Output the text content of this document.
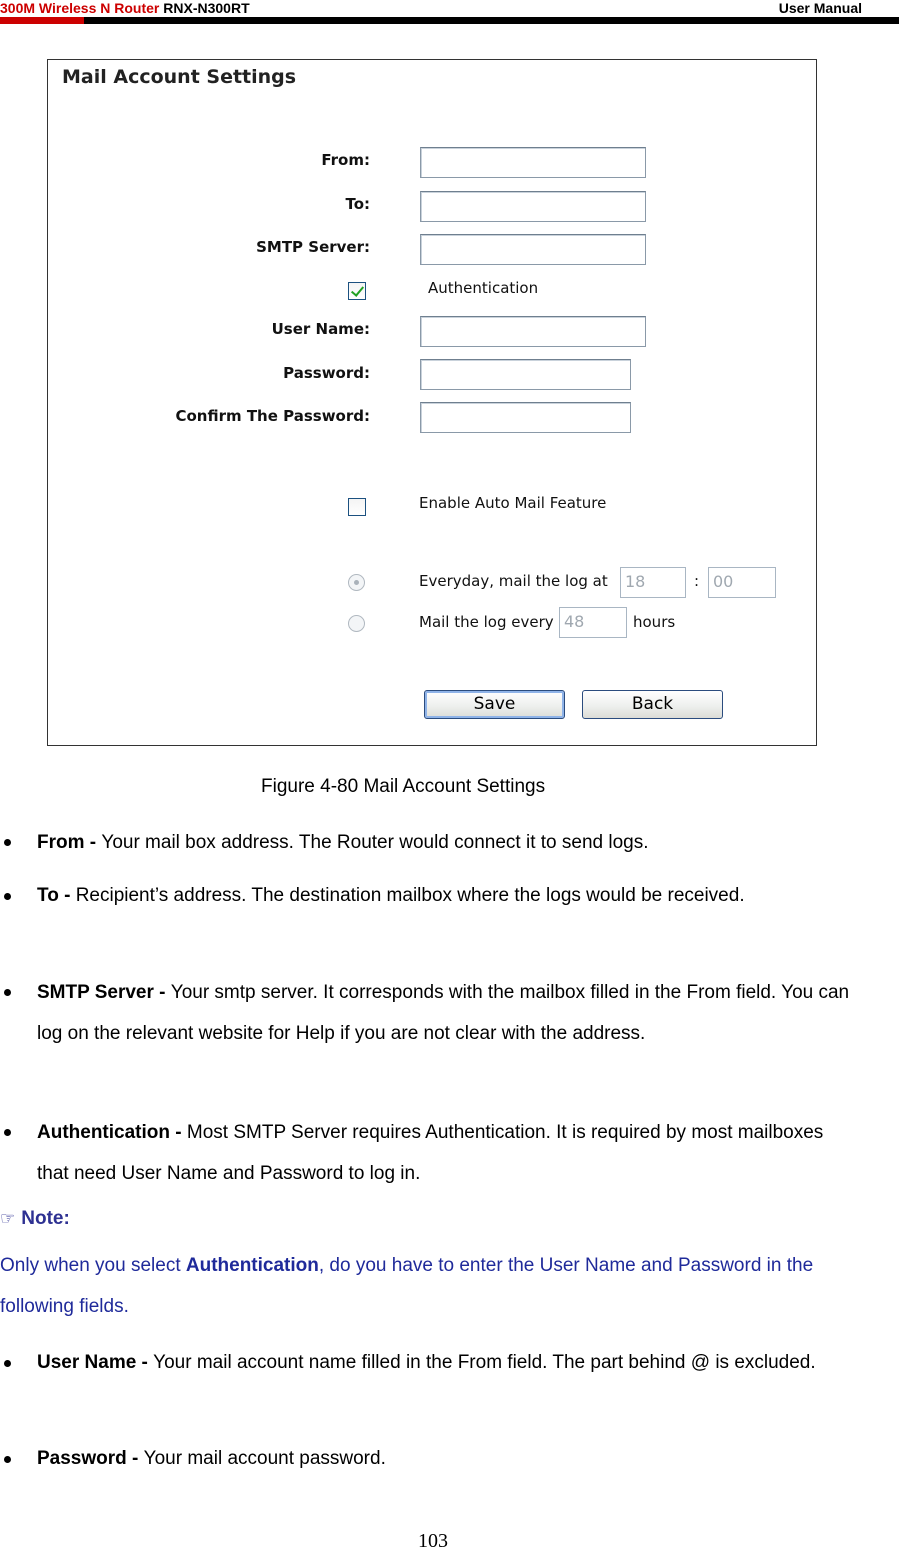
300M Wireless N Router RNX-N300RT	User Manual
Mail Account Settings
From:
To:
SMTP Server:
Authentication
User Name:
Password:
Confirm The Password:
Enable Auto Mail Feature
Everyday, mail the log at	18	: 00
Mail the log every 48	hours
Save	Back
Figure 4-80 Mail Account Settings
From - Your mail box address. The Router would connect it to send logs.
To - Recipient’s address. The destination mailbox where the logs would be received.
SMTP Server - Your smtp server. It corresponds with the mailbox filled in the From field. You can log on the relevant website for Help if you are not clear with the address.
Authentication - Most SMTP Server requires Authentication. It is required by most mailboxes that need User Name and Password to log in.
☞ Note:
Only when you select Authentication, do you have to enter the User Name and Password in the following fields.
User Name - Your mail account name filled in the From field. The part behind @ is excluded.
Password - Your mail account password.
103
